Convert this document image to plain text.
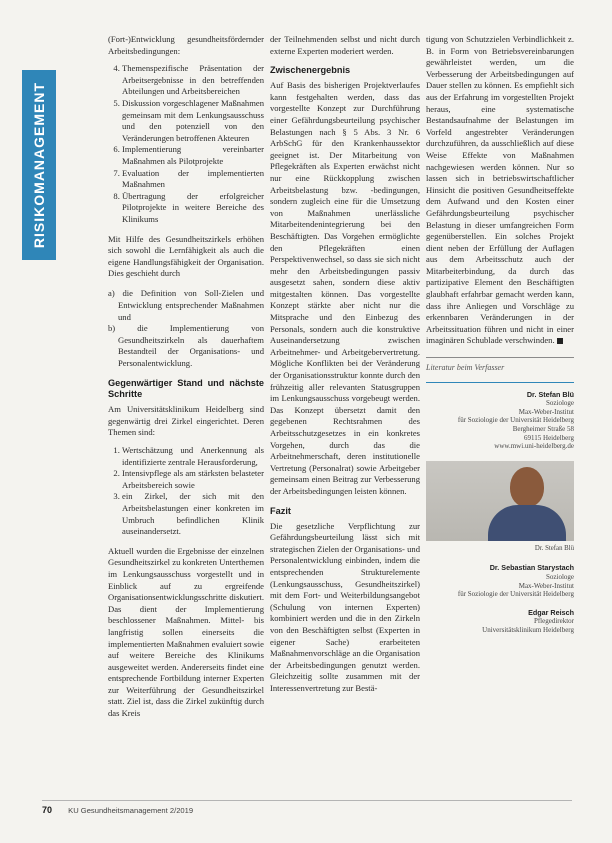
RISIKOMANAGEMENT

(Fort-)Entwicklung gesundheitsfördernder Arbeitsbedingungen:

4. Themenspezifische Präsentation der Arbeitsergebnisse in den betreffenden Abteilungen und Arbeitsbereichen
5. Diskussion vorgeschlagener Maßnahmen gemeinsam mit dem Lenkungsausschuss und den potenziell von den Veränderungen betroffenen Akteuren
6. Implementierung vereinbarter Maßnahmen als Pilotprojekte
7. Evaluation der implementierten Maßnahmen
8. Übertragung der erfolgreicher Pilotprojekte in weitere Bereiche des Klinikums

Mit Hilfe des Gesundheitszirkels erhöhen sich sowohl die Lernfähigkeit als auch die eigene Handlungsfähigkeit der Organisation. Dies geschieht durch

a) die Definition von Soll-Zielen und Entwicklung entsprechender Maßnahmen und
b) die Implementierung von Gesundheitszirkeln als dauerhaftem Bestandteil der Organisations- und Personalentwicklung.
Gegenwärtiger Stand und nächste Schritte

Am Universitätsklinikum Heidelberg sind gegenwärtig drei Zirkel eingerichtet. Deren Themen sind:

1. Wertschätzung und Anerkennung als identifizierte zentrale Herausforderung,
2. Intensivpflege als am stärksten belasteter Arbeitsbereich sowie
3. ein Zirkel, der sich mit den Arbeitsbelastungen einer konkreten im Umbruch befindlichen Klinik auseinandersetzt.

Aktuell wurden die Ergebnisse der einzelnen Gesundheitszirkel zu konkreten Unterthemen im Lenkungsausschuss vorgestellt und in Einblick auf zu ergreifende Organisationsentwicklungsschritte diskutiert. Das dient der Implementierung beschlossener Maßnahmen. Mittel- bis langfristig sollen einerseits die implementierten Maßnahmen evaluiert sowie auf weitere Bereiche des Klinikums ausgeweitet werden. Andererseits findet eine entsprechende Fortbildung interner Experten zur Weiterführung der Gesundheitszirkel statt. Ziel ist, dass die Zirkel zukünftig durch das Kreis

der Teilnehmenden selbst und nicht durch externe Experten moderiert werden.

Zwischenergebnis

Auf Basis des bisherigen Projektverlaufes kann festgehalten werden, dass das vorgestellte Konzept zur Durchführung einer Gefährdungsbeurteilung psychischer Belastungen nach § 5 Abs. 3 Nr. 6 ArbSchG für den Krankenhaussektor geeignet ist. Der Mitarbeitung von Pflegekräften als Experten erwächst nicht nur eine Rückkopplung zwischen Arbeitsbelastung bzw. -bedingungen, sondern zugleich eine für die Umsetzung von Maßnahmen unerlässliche Mitarbeitendenintegrierung bei den Beschäftigten. Das Vorgehen ermöglichte den Pflegekräften einen Perspektivenwechsel, so dass sie sich nicht mehr den Arbeitsbedingungen passiv ausgesetzt sahen, sondern diese aktiv mitgestalten können. Das vorgestellte Konzept stärkte aber nicht nur die Mitsprache und den Einbezug des Personals, sondern auch die konstruktive Auseinandersetzung zwischen Arbeitnehmer- und Arbeitgebervertretung. Mögliche Konflikten bei der Veränderung der Organisationsstruktur konnte durch den frühzeitig aller relevanten Statusgruppen im Lenkungsausschuss vorgebeugt werden. Das Konzept übersetzt damit den gegebenen Rechtsrahmen des Arbeitsschutzgesetzes in ein konkretes Vorgehen, durch das die Arbeitnehmerschaft, deren institutionelle Vertretung (Personalrat) sowie Arbeitgeber gemeinsam einen Beitrag zur Verbesserung der Arbeitsbedingungen leisten können.

Fazit

Die gesetzliche Verpflichtung zur Gefährdungsbeurteilung lässt sich mit strategischen Zielen der Organisations- und Personalentwicklung einbinden, indem die entsprechenden Strukturelemente (Lenkungsausschuss, Gesundheitszirkel) mit dem Fort- und Weiterbildungsangebot (Schulung von internen Experten) kombiniert werden und die in den Zirkeln von den Beschäftigten selbst (Experten in eigener Sache) erarbeiteten Maßnahmenvorschläge an die Organisation der Arbeitsbedingungen genutzt werden. Gleichzeitig sollte zusammen mit der Interessenvertretung zur Bestä-

tigung von Schutzzielen Verbindlichkeit z. B. in Form von Betriebsvereinbarungen gewährleistet werden, um die Verbesserung der Arbeitsbedingungen auf Dauer stellen zu können. Es empfiehlt sich aus der Erfahrung im vorgestellten Projekt heraus, eine systematische Bestandsaufnahme der Belastungen im Vorfeld angestrebter Veränderungen durchzuführen, da ausschließlich auf diese Weise Effekte von Maßnahmen nachgewiesen werden können. Nur so lassen sich in betriebswirtschaftlicher Hinsicht die positiven Gesundheitseffekte dem Aufwand und den Kosten einer Gefährdungsbeurteilung psychischer Belastung in dieser umfangreichen Form gegenüberstellen. Ein solches Projekt dient neben der Erfüllung der Auflagen aus dem Arbeitsschutz auch der Mitarbeiterbindung, da durch das partizipative Element den Beschäftigten glaubhaft erfahrbar gemacht werden kann, dass ihre Anliegen und Vorschläge zu erkennbaren Veränderungen in der Arbeitssituation führen und nicht in einer imaginären Schublade verschwinden.

Literatur beim Verfasser
Dr. Stefan Blü
Soziologe
Max-Weber-Institut
für Soziologie der Universität Heidelberg
Bergheimer Straße 58
69115 Heidelberg
www.mwi.uni-heidelberg.de
Dr. Stefan Blü
Dr. Sebastian Starystach
Soziologe
Max-Weber-Institut
für Soziologie der Universität Heidelberg
Edgar Reisch
Pflegedirektor
Universitätsklinikum Heidelberg
70 KU Gesundheitsmanagement 2/2019
